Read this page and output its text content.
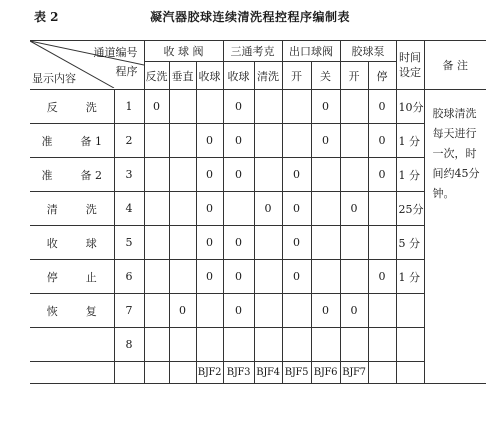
表 2	凝汽器胶球连续清洗程控程序编制表
通道编号
程序
显示内容		收 球 阀			三通考克		出口球阀		胶球泵		时间设定	备 注
		反洗	垂直	收球	收球	清洗	开	关	开	停		
反 洗	1	0			0			0		0	10分	胶球清洗每天进行一次，时间约45分钟。

准 备 1	2			0	0			0		0	1 分	
准 备 2	3			0	0		0			0	1 分	
清 洗	4			0		0	0		0		25分	
收 球	5			0	0		0				5 分	
停 止	6			0	0		0			0	1 分	
恢 复	7		0		0			0	0			
	8											
				BJF2	BJF3	BJF4	BJF5	BJF6	BJF7			
